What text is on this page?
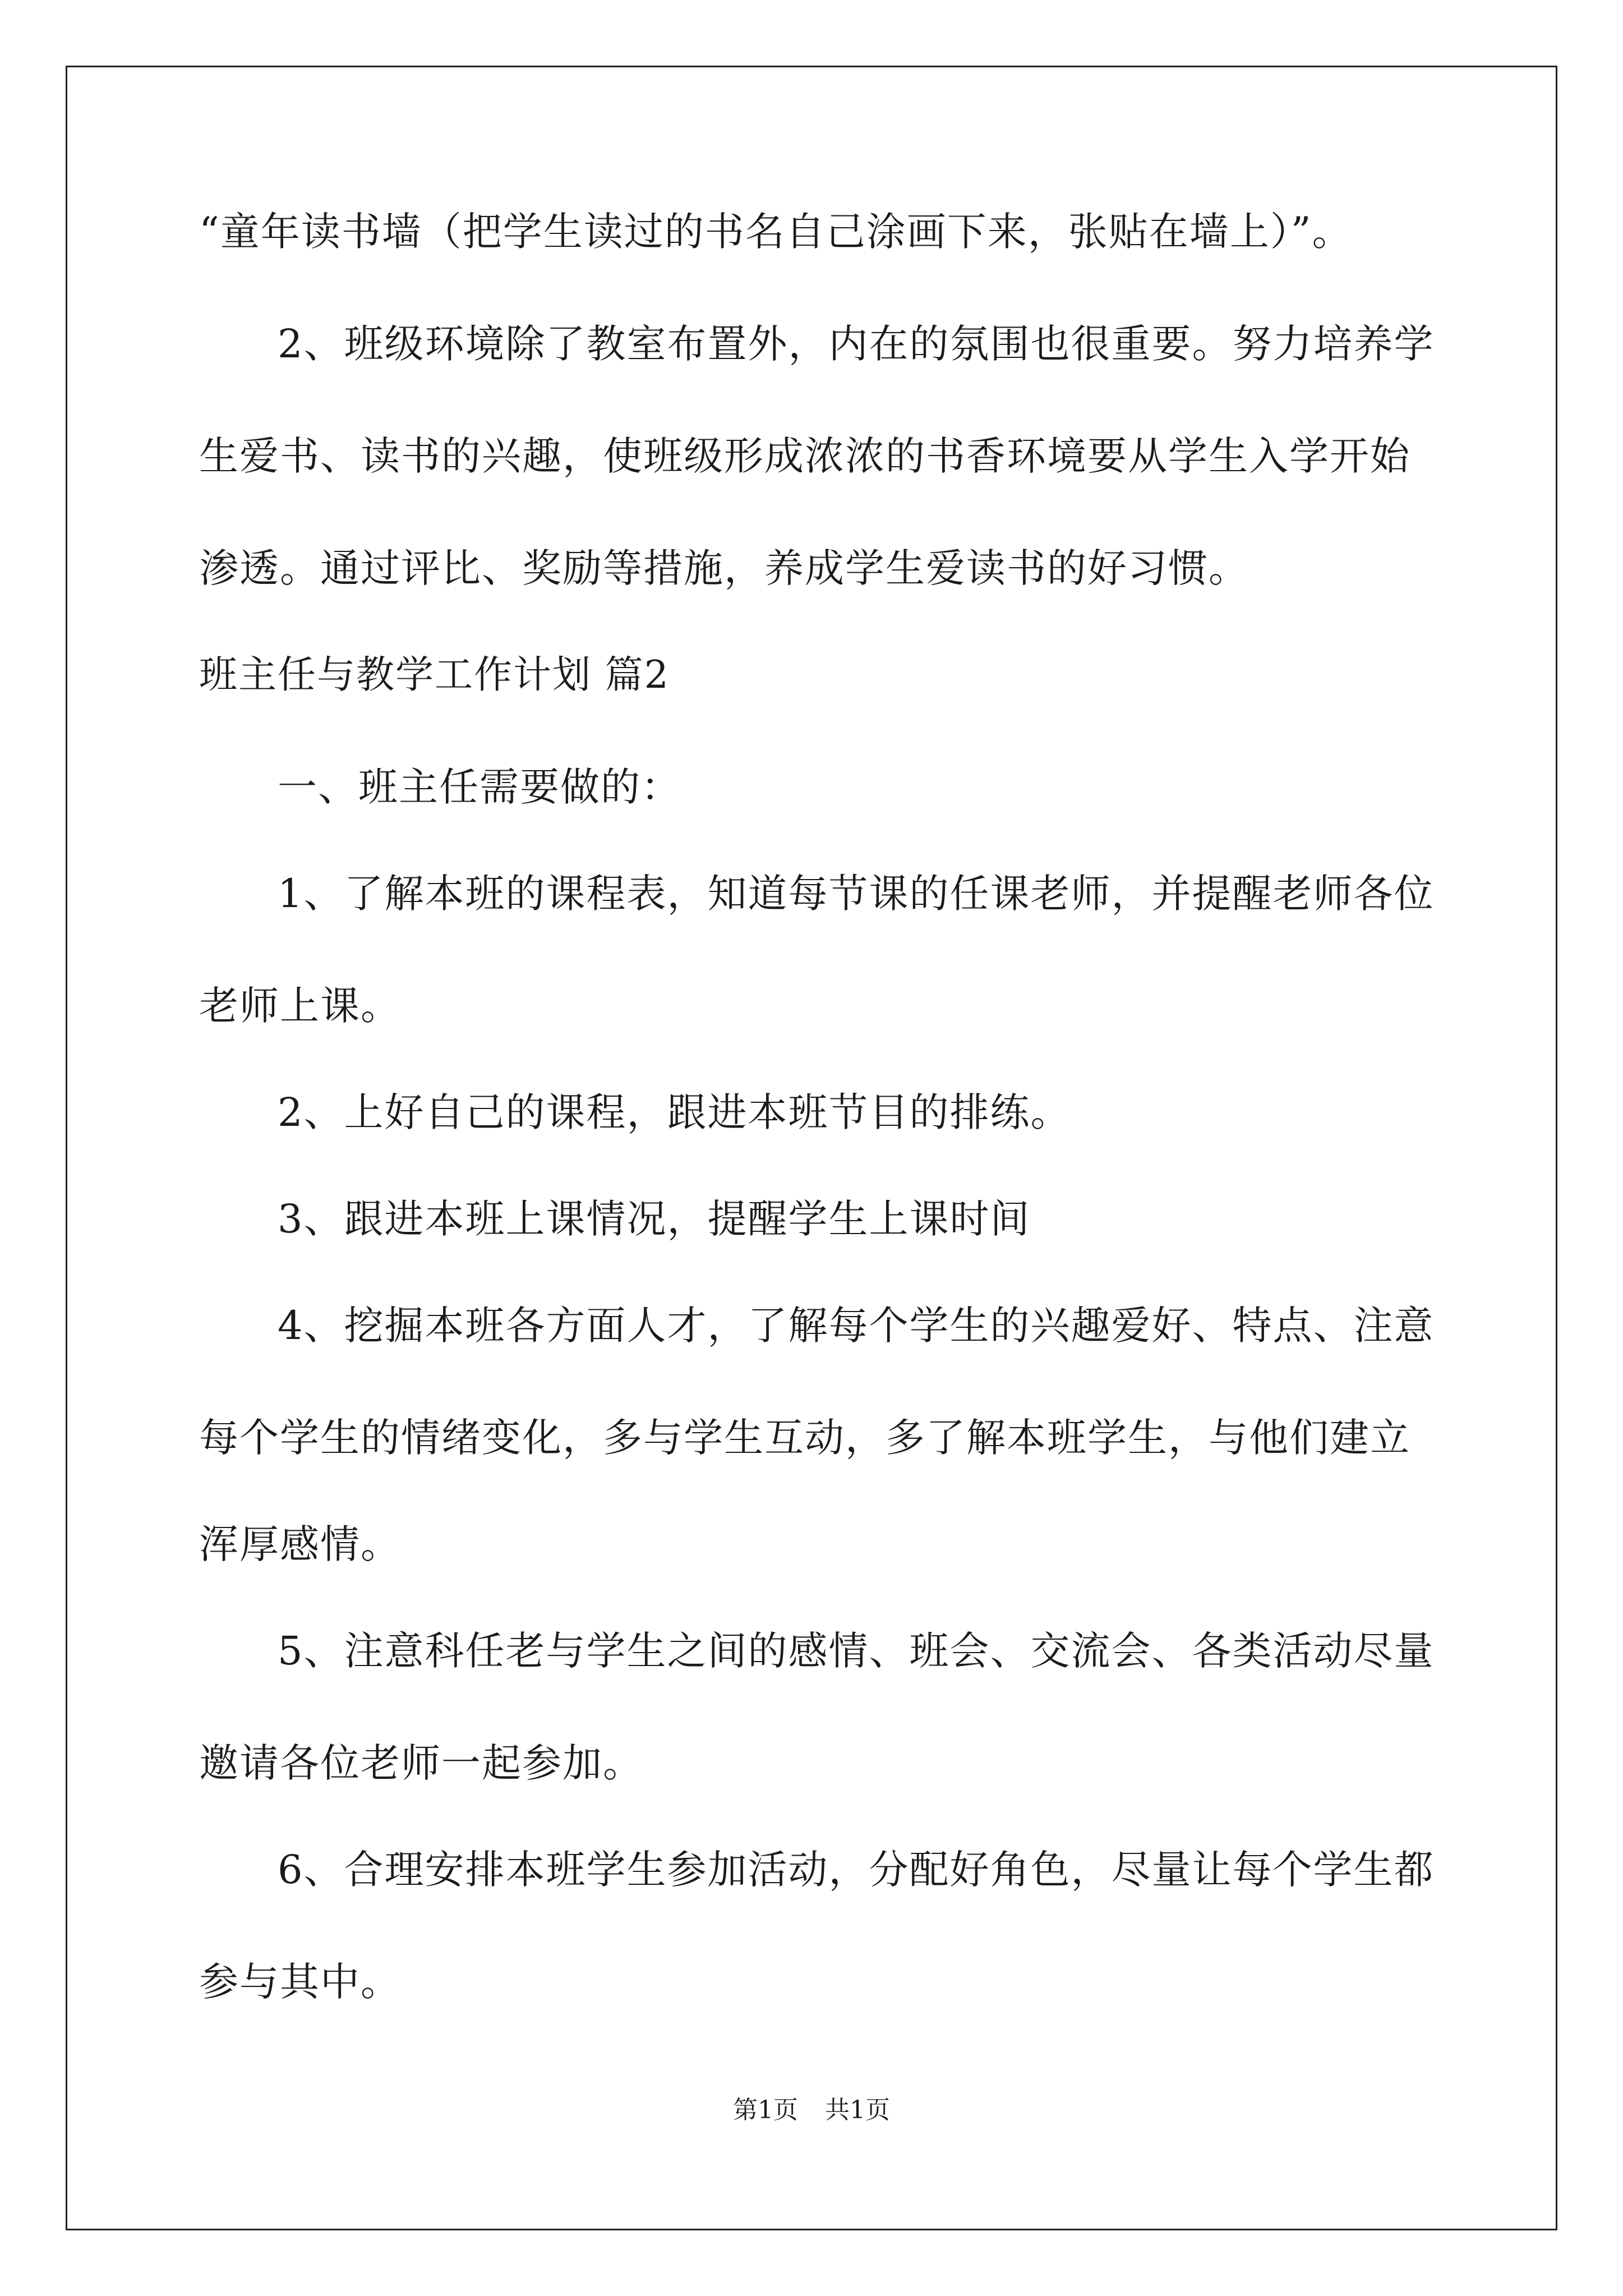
“童年读书墙（把学生读过的书名自己涂画下来，张贴在墙上）”。
2、班级环境除了教室布置外，内在的氛围也很重要。努力培养学
生爱书、读书的兴趣，使班级形成浓浓的书香环境要从学生入学开始
渗透。通过评比、奖励等措施，养成学生爱读书的好习惯。
班主任与教学工作计划 篇2
一、班主任需要做的：
1、了解本班的课程表，知道每节课的任课老师，并提醒老师各位
老师上课。
2、上好自己的课程，跟进本班节目的排练。
3、跟进本班上课情况，提醒学生上课时间
4、挖掘本班各方面人才，了解每个学生的兴趣爱好、特点、注意
每个学生的情绪变化，多与学生互动，多了解本班学生，与他们建立
浑厚感情。
5、注意科任老与学生之间的感情、班会、交流会、各类活动尽量
邀请各位老师一起参加。
6、合理安排本班学生参加活动，分配好角色，尽量让每个学生都
参与其中。
第1页 共1页
